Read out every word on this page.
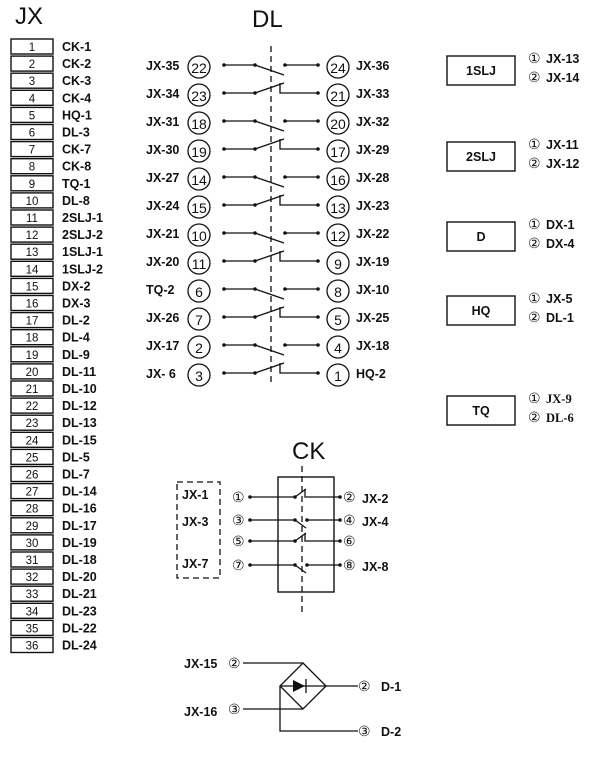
JX
1 CK-1
2 CK-2
3 CK-3
4 CK-4
5 HQ-1
6 DL-3
7 CK-7
8 CK-8
9 TQ-1
10 DL-8
11 2SLJ-1
12 2SLJ-2
13 1SLJ-1
14 1SLJ-2
15 DX-2
16 DX-3
17 DL-2
18 DL-4
19 DL-9
20 DL-11
21 DL-10
22 DL-12
23 DL-13
24 DL-15
25 DL-5
26 DL-7
27 DL-14
28 DL-16
29 DL-17
30 DL-19
31 DL-18
32 DL-20
33 DL-21
34 DL-23
35 DL-22
36 DL-24
DL
JX-35 22	24 JX-36
JX-34 23	21 JX-33
JX-31 18	20 JX-32
JX-30 19	17 JX-29
JX-27 14	16 JX-28
JX-24 15	13 JX-23
JX-21 10	12 JX-22
JX-20 11	9 JX-19
TQ-2 6	8 JX-10
JX-26 7	5 JX-25
JX-17 2	4 JX-18
JX- 6 3	1 HQ-2
1SLJ
① JX-13
② JX-14
2SLJ
① JX-11
② JX-12
D
① DX-1
② DX-4
HQ
① JX-5
② DL-1
TQ
① JX-9
② DL-6
CK
①	② JX-2
③	④ JX-4
⑤	⑥
⑦	⑧ JX-8
JX-1
JX-3
JX-7
JX-15 ②
JX-16 ③
② D-1
③ D-2
